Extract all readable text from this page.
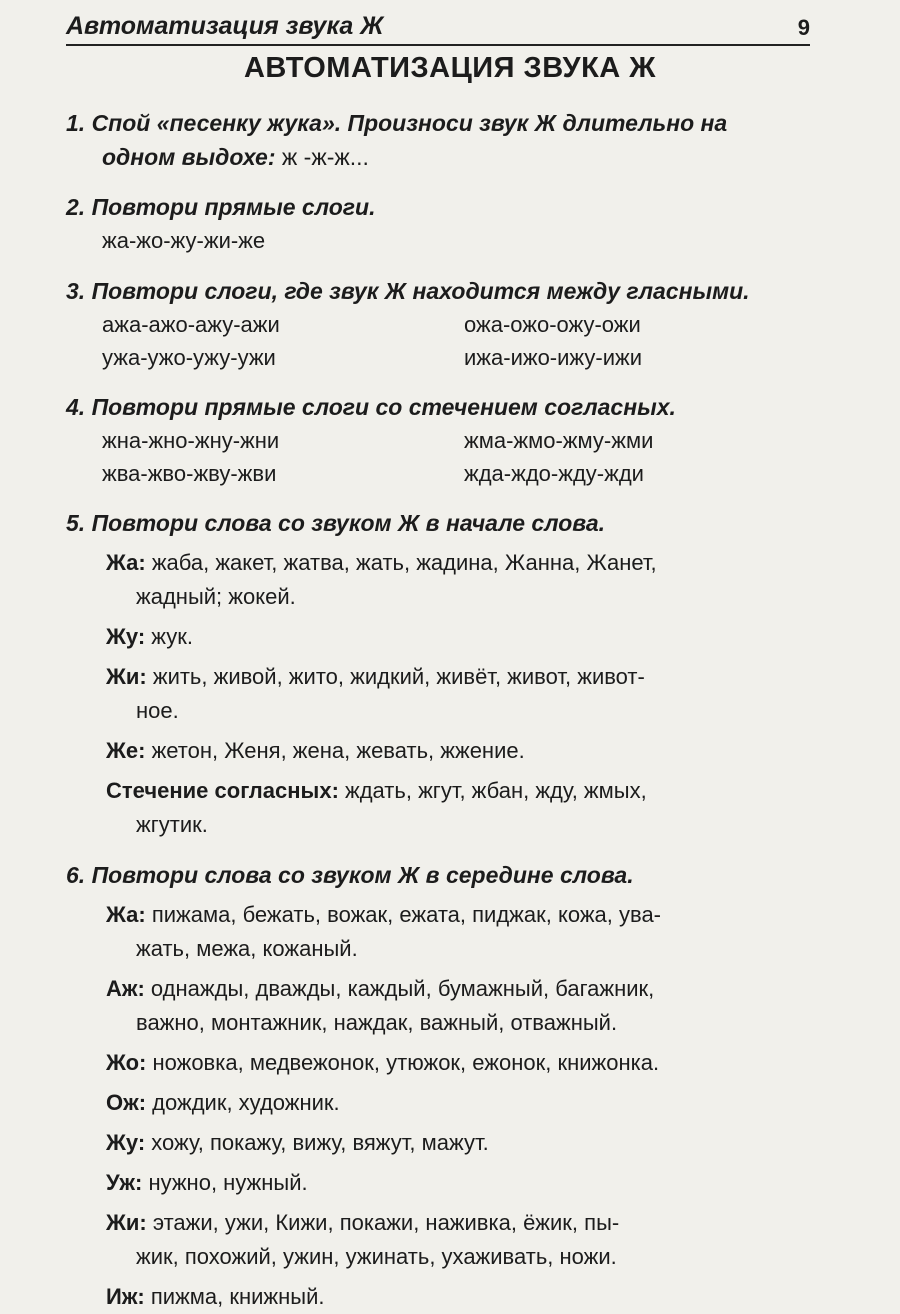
Автоматизация звука Ж	9
АВТОМАТИЗАЦИЯ ЗВУКА Ж
1. Спой «песенку жука». Произноси звук Ж длительно на
одном выдохе: ж -ж-ж...
2. Повтори прямые слоги.
жа-жо-жу-жи-же
3. Повтори слоги, где звук Ж находится между гласными.
ажа-ажо-ажу-ажи	ожа-ожо-ожу-ожи
ужа-ужо-ужу-ужи	ижа-ижо-ижу-ижи
4. Повтори прямые слоги со стечением согласных.
жна-жно-жну-жни	жма-жмо-жму-жми
жва-жво-жву-жви	жда-ждо-жду-жди
5. Повтори слова со звуком Ж в начале слова.
Жа: жаба, жакет, жатва, жать, жадина, Жанна, Жанет,
жадный; жокей.
Жу: жук.
Жи: жить, живой, жито, жидкий, живёт, живот, живот-
ное.
Же: жетон, Женя, жена, жевать, жжение.
Стечение согласных: ждать, жгут, жбан, жду, жмых,
жгутик.
6. Повтори слова со звуком Ж в середине слова.
Жа: пижама, бежать, вожак, ежата, пиджак, кожа, ува-
жать, межа, кожаный.
Аж: однажды, дважды, каждый, бумажный, багажник,
важно, монтажник, наждак, важный, отважный.
Жо: ножовка, медвежонок, утюжок, ежонок, книжонка.
Ож: дождик, художник.
Жу: хожу, покажу, вижу, вяжут, мажут.
Уж: нужно, нужный.
Жи: этажи, ужи, Кижи, покажи, наживка, ёжик, пы-
жик, похожий, ужин, ужинать, ухаживать, ножи.
Иж: пижма, книжный.
